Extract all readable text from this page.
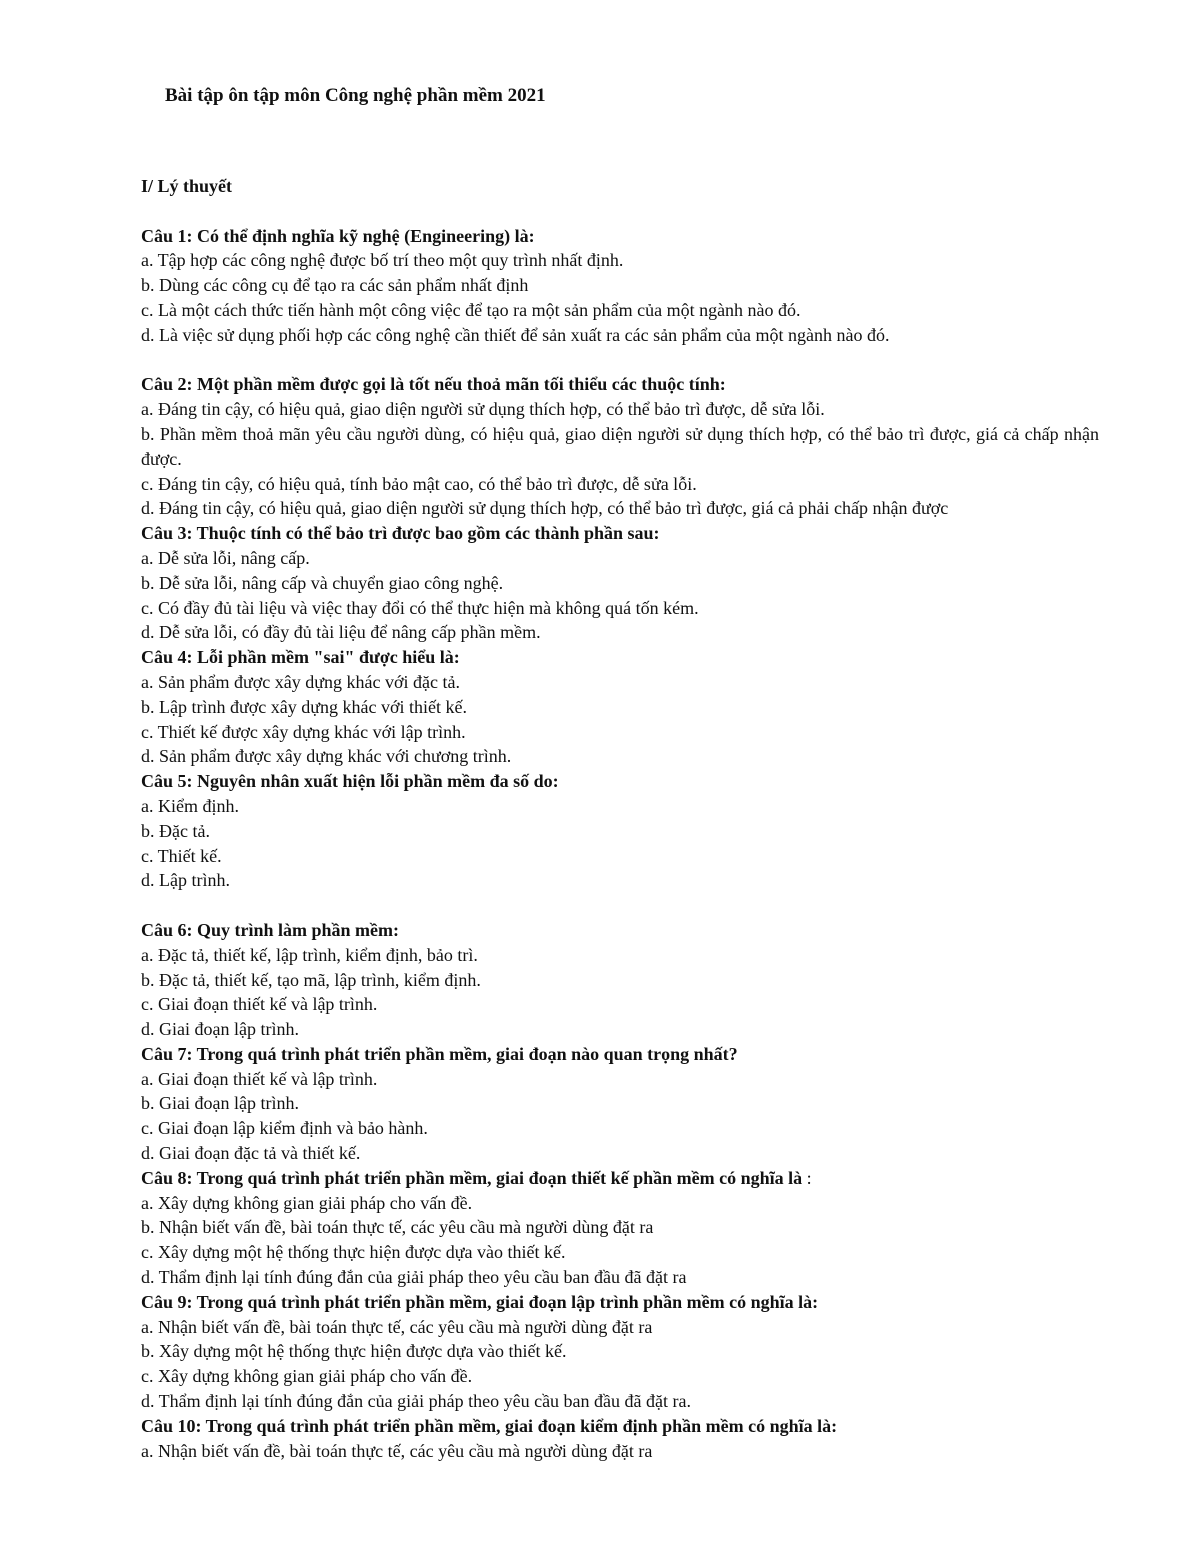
Bài tập ôn tập môn Công nghệ phần mềm 2021
I/ Lý thuyết
Câu 1: Có thể định nghĩa kỹ nghệ (Engineering) là:
a. Tập hợp các công nghệ được bố trí theo một quy trình nhất định.
b. Dùng các công cụ để tạo ra các sản phẩm nhất định
c. Là một cách thức tiến hành một công việc để tạo ra một sản phẩm của một ngành nào đó.
d. Là việc sử dụng phối hợp các công nghệ cần thiết để sản xuất ra các sản phẩm của một ngành nào đó.
Câu 2: Một phần mềm được gọi là tốt nếu thoả mãn tối thiểu các thuộc tính:
a. Đáng tin cậy, có hiệu quả, giao diện người sử dụng thích hợp, có thể bảo trì được, dễ sửa lỗi.
b. Phần mềm thoả mãn yêu cầu người dùng, có hiệu quả, giao diện người sử dụng thích hợp, có thể bảo trì được, giá cả chấp nhận được.
c. Đáng tin cậy, có hiệu quả, tính bảo mật cao, có thể bảo trì được, dễ sửa lỗi.
d. Đáng tin cậy, có hiệu quả, giao diện người sử dụng thích hợp, có thể bảo trì được, giá cả phải chấp nhận được
Câu 3: Thuộc tính có thể bảo trì được bao gồm các thành phần sau:
a. Dễ sửa lỗi, nâng cấp.
b. Dễ sửa lỗi, nâng cấp và chuyển giao công nghệ.
c. Có đầy đủ tài liệu và việc thay đổi có thể thực hiện mà không quá tốn kém.
d. Dễ sửa lỗi, có đầy đủ tài liệu để nâng cấp phần mềm.
Câu 4: Lỗi phần mềm "sai" được hiểu là:
a. Sản phẩm được xây dựng khác với đặc tả.
b. Lập trình được xây dựng khác với thiết kế.
c. Thiết kế được xây dựng khác với lập trình.
d. Sản phẩm được xây dựng khác với chương trình.
Câu 5: Nguyên nhân xuất hiện lỗi phần mềm đa số do:
a. Kiểm định.
b. Đặc tả.
c. Thiết kế.
d. Lập trình.
Câu 6: Quy trình làm phần mềm:
a. Đặc tả, thiết kế, lập trình, kiểm định, bảo trì.
b. Đặc tả, thiết kế, tạo mã, lập trình, kiểm định.
c. Giai đoạn thiết kế và lập trình.
d. Giai đoạn lập trình.
Câu 7: Trong quá trình phát triển phần mềm, giai đoạn nào quan trọng nhất?
a. Giai đoạn thiết kế và lập trình.
b. Giai đoạn lập trình.
c. Giai đoạn lập kiểm định và bảo hành.
d. Giai đoạn đặc tả và thiết kế.
Câu 8: Trong quá trình phát triển phần mềm, giai đoạn thiết kế phần mềm có nghĩa là :
a. Xây dựng không gian giải pháp cho vấn đề.
b. Nhận biết vấn đề, bài toán thực tế, các yêu cầu mà người dùng đặt ra
c. Xây dựng một hệ thống thực hiện được dựa vào thiết kế.
d. Thẩm định lại tính đúng đắn của giải pháp theo yêu cầu ban đầu đã đặt ra
Câu 9: Trong quá trình phát triển phần mềm, giai đoạn lập trình phần mềm có nghĩa là:
a. Nhận biết vấn đề, bài toán thực tế, các yêu cầu mà người dùng đặt ra
b. Xây dựng một hệ thống thực hiện được dựa vào thiết kế.
c. Xây dựng không gian giải pháp cho vấn đề.
d. Thẩm định lại tính đúng đắn của giải pháp theo yêu cầu ban đầu đã đặt ra.
Câu 10: Trong quá trình phát triển phần mềm, giai đoạn kiểm định phần mềm có nghĩa là:
a. Nhận biết vấn đề, bài toán thực tế, các yêu cầu mà người dùng đặt ra
